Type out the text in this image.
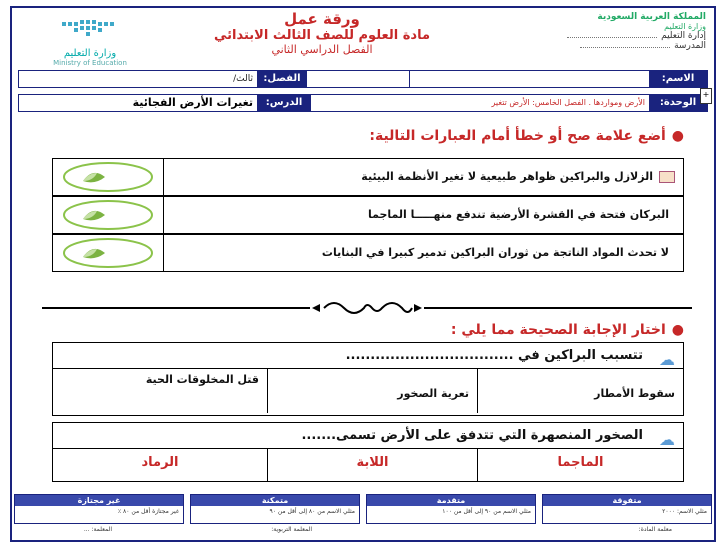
وزارة التعليم
Ministry of Education
ورقة عمل
مادة العلوم للصف الثالث الابتدائي
الفصل الدراسي الثاني
المملكة العربية السعودية
وزارة التعليم
إدارة التعليم
المدرسة
الاسم:
الفصل:
ثالث/
الوحدة:
الأرض ومواردها . الفصل الخامس: الأرض تتغير
الدرس:
تغيرات الأرض الفجائية
+
●أضع علامة صح أو خطأ أمام العبارات التالية:
الزلازل والبراكين ظواهر طبيعية لا تغير الأنظمة البيئية
البركان فتحة في القشرة الأرضية تندفع منهـــــا الماجما
لا تحدث المواد الناتجة من ثوران البراكين تدمير كبيرا في البنايات
●اختار الإجابة الصحيحة مما يلي :
☁
تتسبب البراكين في ..................................
سقوط الأمطار
تعرية الصخور
قتل المخلوقات الحية
☁
الصخور المنصهرة التي تتدفق على الأرض تسمى.......
الماجما
اللابة
الرماد
متفوقة
مثلي الاسم: ٢٠٠٠
متقدمة
مثلي الاسم من ٩٠ إلى أقل من ١٠٠
متمكنة
مثلي الاسم من ٨٠ إلى أقل من ٩٠
غير مجتازة
غير مجتازة أقل من ٨٠ ٪
معلمة المادة:
المعلمة التربوية:
المعلمة: ...
